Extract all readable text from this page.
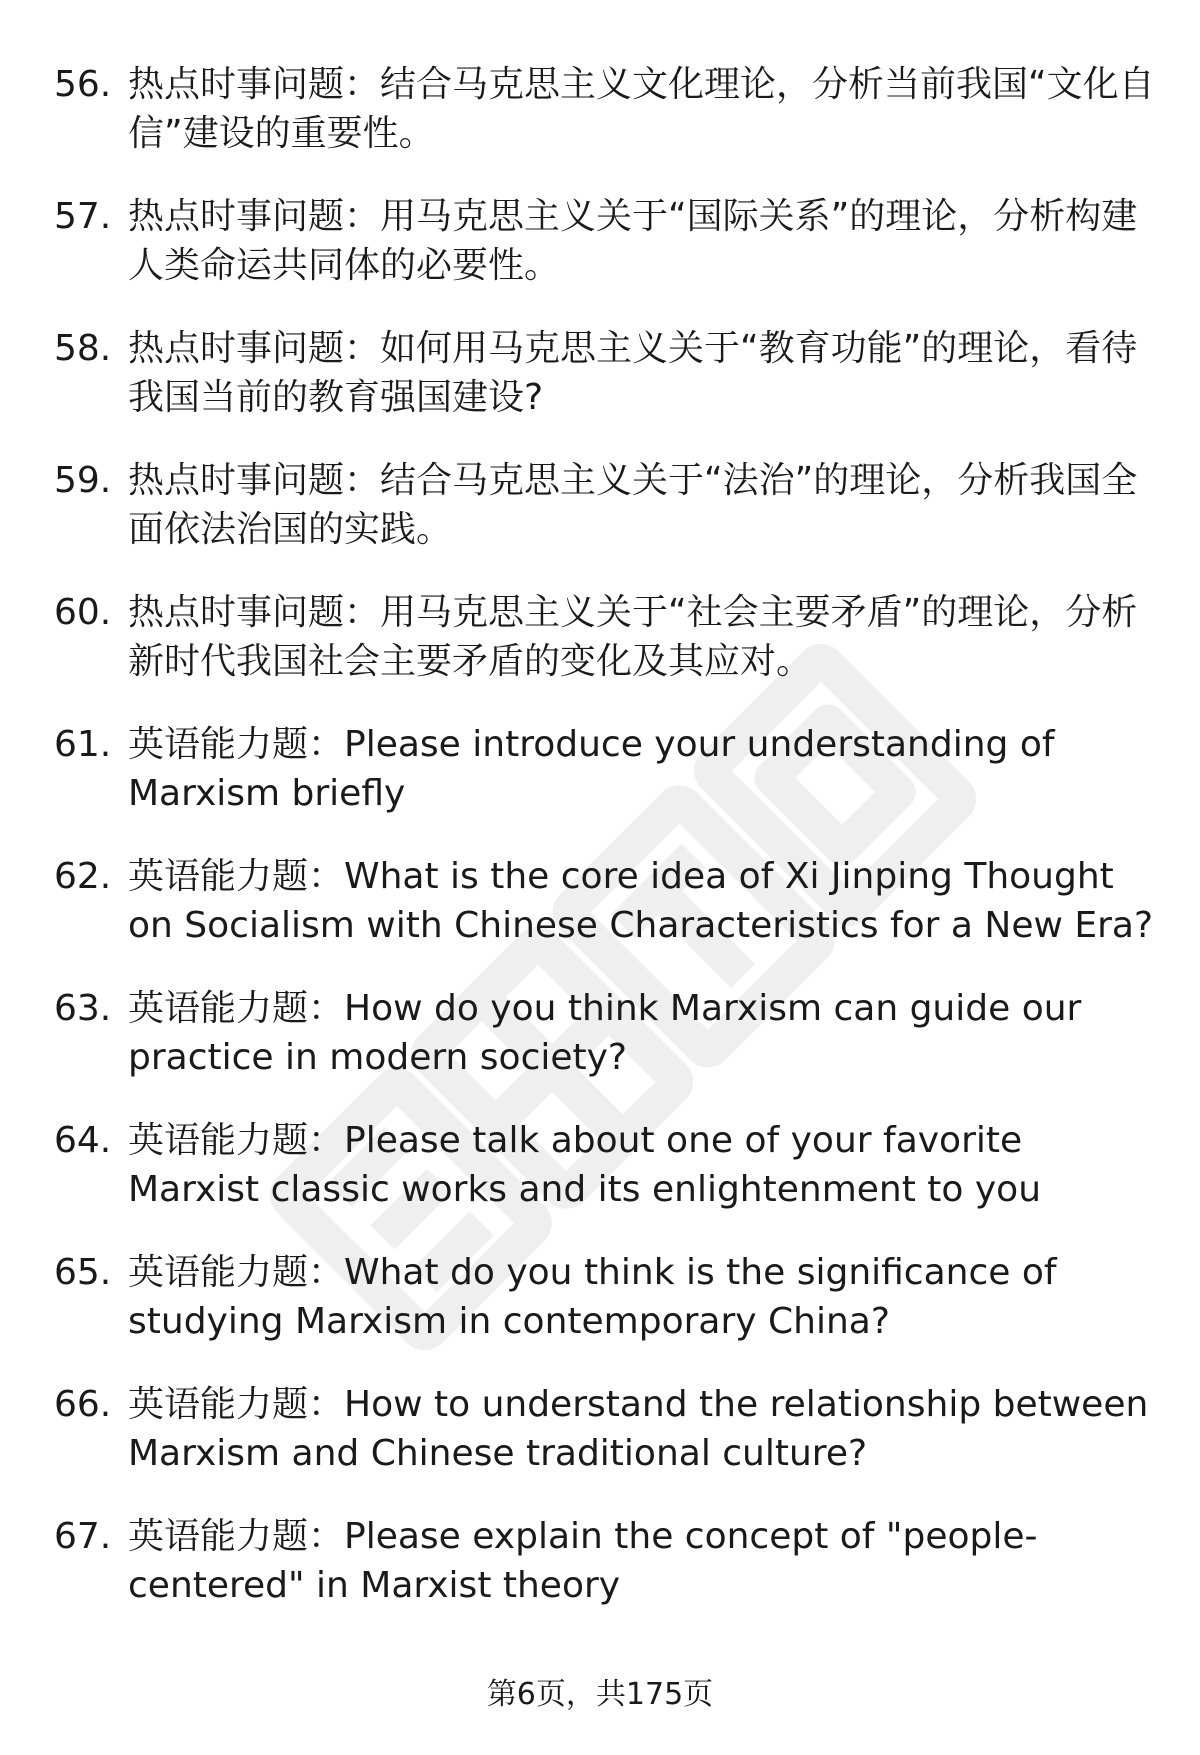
56. 热点时事问题：结合马克思主义文化理论，分析当前我国“文化自信”建设的重要性。
57. 热点时事问题：用马克思主义关于“国际关系”的理论，分析构建人类命运共同体的必要性。
58. 热点时事问题：如何用马克思主义关于“教育功能”的理论，看待我国当前的教育强国建设?
59. 热点时事问题：结合马克思主义关于“法治”的理论，分析我国全面依法治国的实践。
60. 热点时事问题：用马克思主义关于“社会主要矛盾”的理论，分析新时代我国社会主要矛盾的变化及其应对。
61. 英语能力题：Please introduce your understanding of Marxism briefly
62. 英语能力题：What is the core idea of Xi Jinping Thought on Socialism with Chinese Characteristics for a New Era?
63. 英语能力题：How do you think Marxism can guide our practice in modern society?
64. 英语能力题：Please talk about one of your favorite Marxist classic works and its enlightenment to you
65. 英语能力题：What do you think is the significance of studying Marxism in contemporary China?
66. 英语能力题：How to understand the relationship between Marxism and Chinese traditional culture?
67. 英语能力题：Please explain the concept of "people-centered" in Marxist theory
第6页，共175页
